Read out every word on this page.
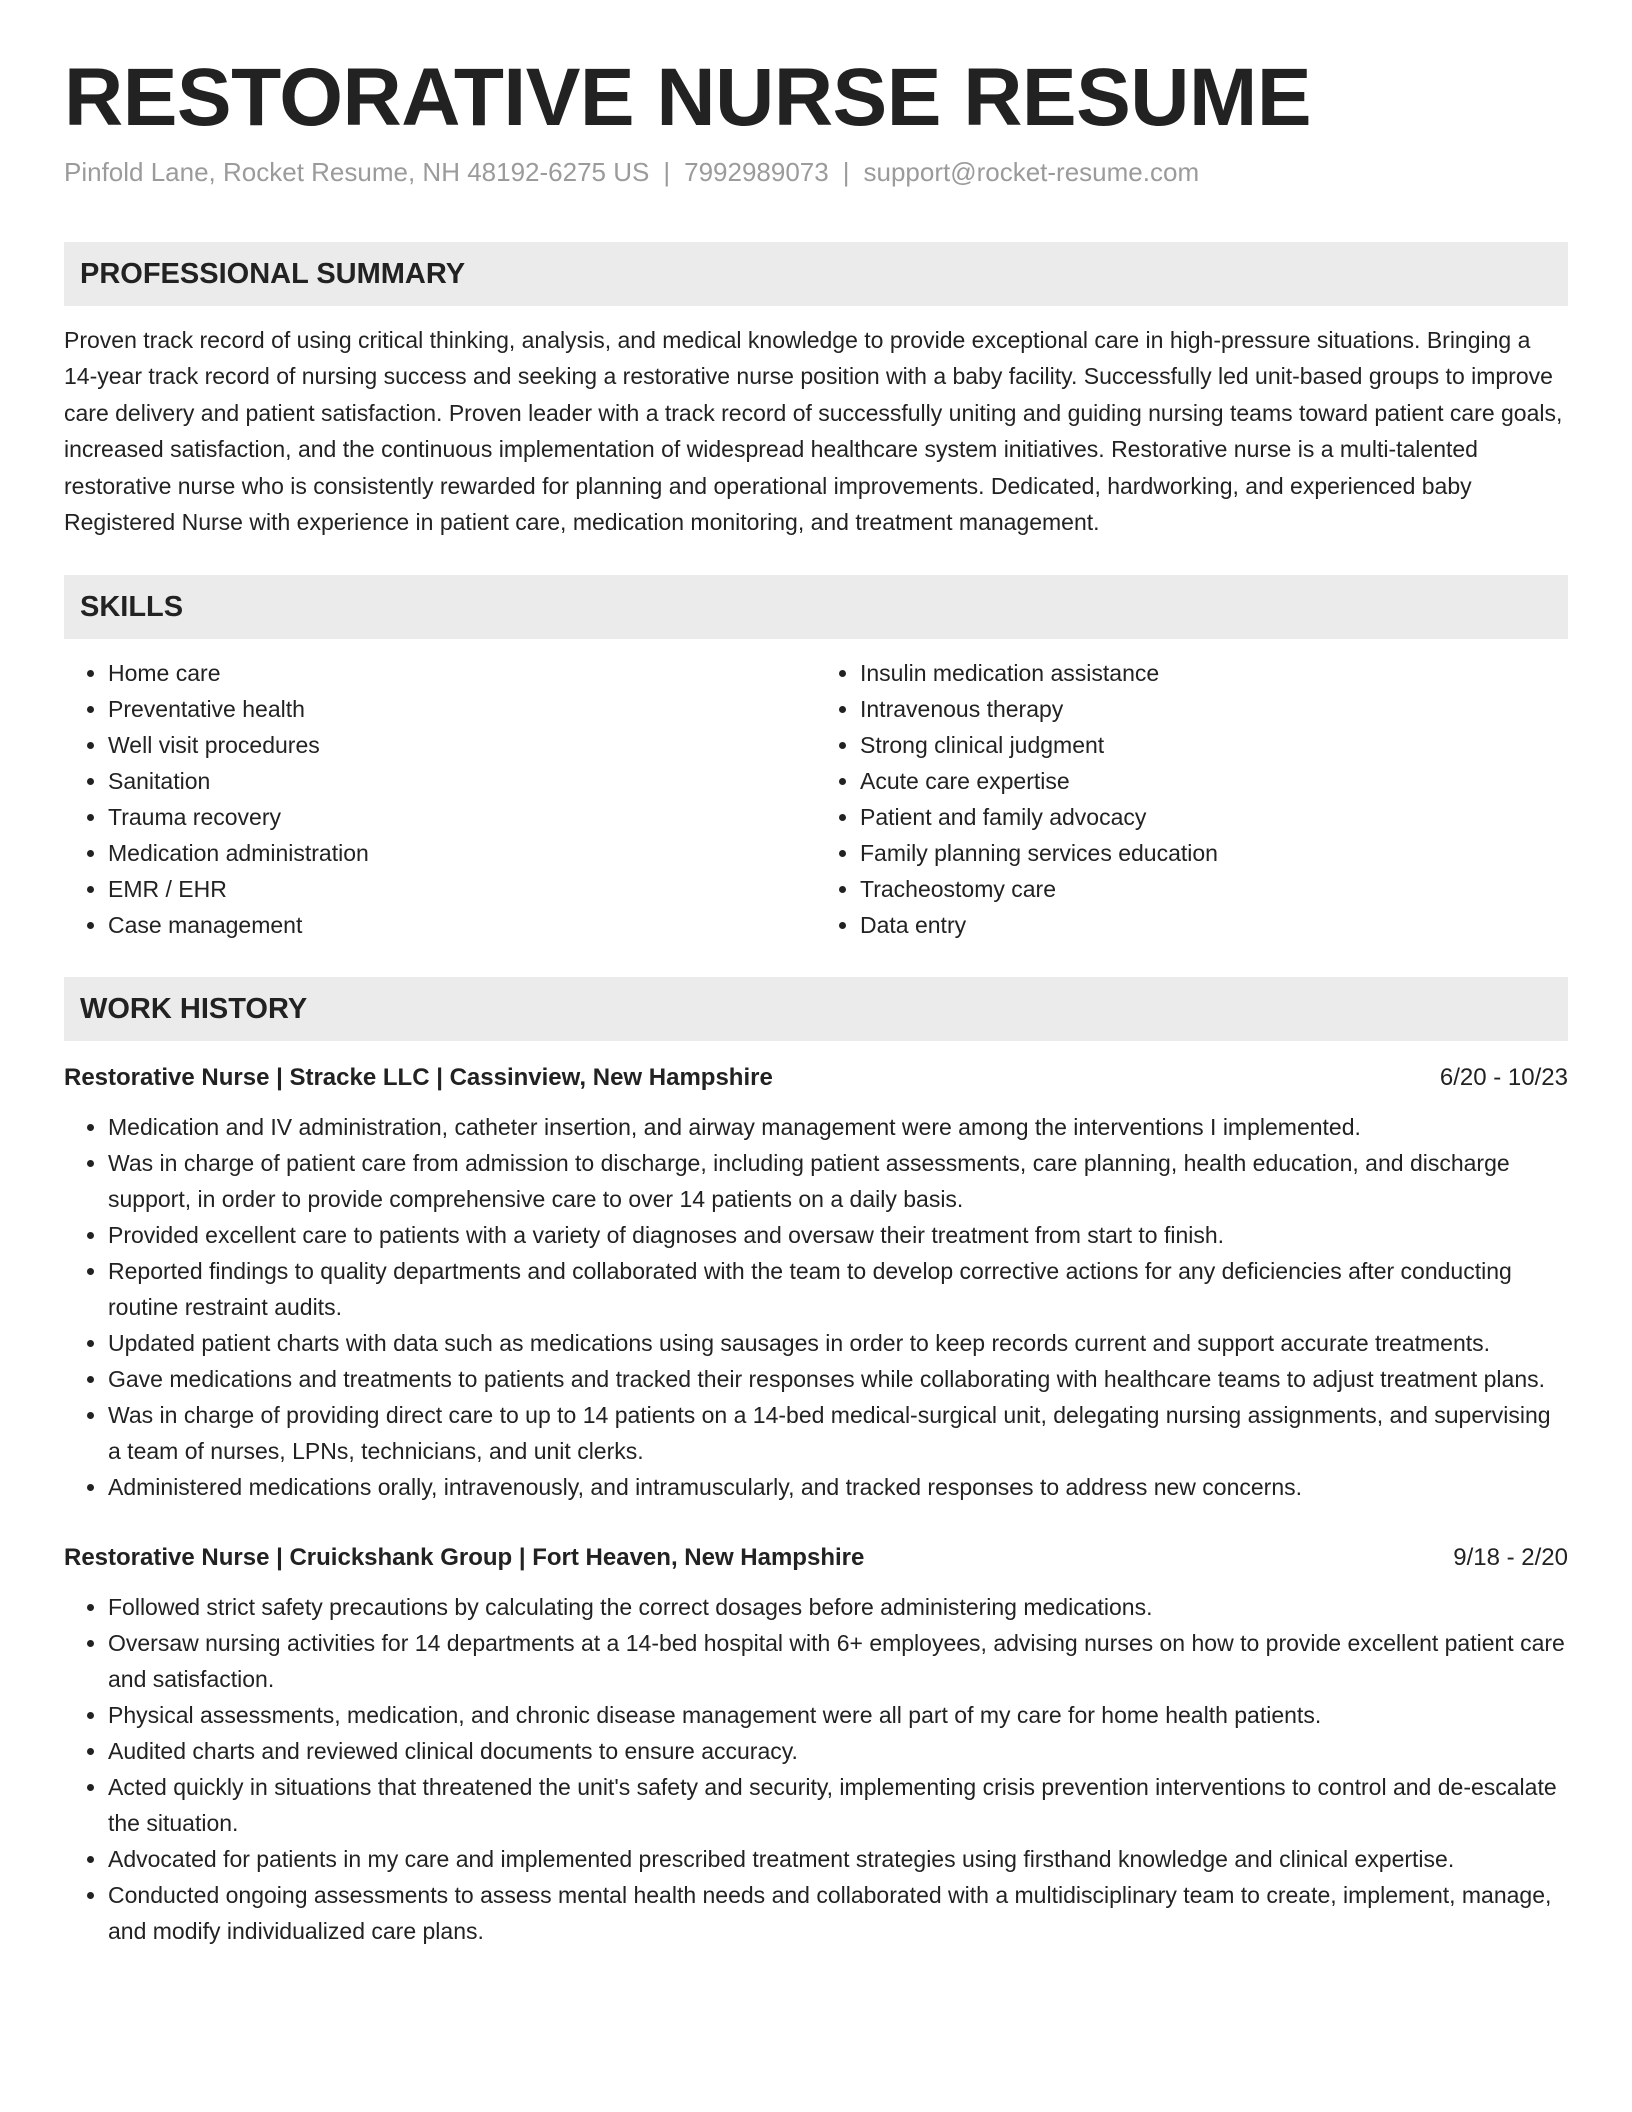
RESTORATIVE NURSE RESUME
Pinfold Lane, Rocket Resume, NH 48192-6275 US | 7992989073 | support@rocket-resume.com
PROFESSIONAL SUMMARY
Proven track record of using critical thinking, analysis, and medical knowledge to provide exceptional care in high-pressure situations. Bringing a 14-year track record of nursing success and seeking a restorative nurse position with a baby facility. Successfully led unit-based groups to improve care delivery and patient satisfaction. Proven leader with a track record of successfully uniting and guiding nursing teams toward patient care goals, increased satisfaction, and the continuous implementation of widespread healthcare system initiatives. Restorative nurse is a multi-talented restorative nurse who is consistently rewarded for planning and operational improvements. Dedicated, hardworking, and experienced baby Registered Nurse with experience in patient care, medication monitoring, and treatment management.
SKILLS
• Home care
• Preventative health
• Well visit procedures
• Sanitation
• Trauma recovery
• Medication administration
• EMR / EHR
• Case management
• Insulin medication assistance
• Intravenous therapy
• Strong clinical judgment
• Acute care expertise
• Patient and family advocacy
• Family planning services education
• Tracheostomy care
• Data entry
WORK HISTORY
Restorative Nurse | Stracke LLC | Cassinview, New Hampshire	6/20 - 10/23
• Medication and IV administration, catheter insertion, and airway management were among the interventions I implemented.
• Was in charge of patient care from admission to discharge, including patient assessments, care planning, health education, and discharge support, in order to provide comprehensive care to over 14 patients on a daily basis.
• Provided excellent care to patients with a variety of diagnoses and oversaw their treatment from start to finish.
• Reported findings to quality departments and collaborated with the team to develop corrective actions for any deficiencies after conducting routine restraint audits.
• Updated patient charts with data such as medications using sausages in order to keep records current and support accurate treatments.
• Gave medications and treatments to patients and tracked their responses while collaborating with healthcare teams to adjust treatment plans.
• Was in charge of providing direct care to up to 14 patients on a 14-bed medical-surgical unit, delegating nursing assignments, and supervising a team of nurses, LPNs, technicians, and unit clerks.
• Administered medications orally, intravenously, and intramuscularly, and tracked responses to address new concerns.
Restorative Nurse | Cruickshank Group | Fort Heaven, New Hampshire	9/18 - 2/20
• Followed strict safety precautions by calculating the correct dosages before administering medications.
• Oversaw nursing activities for 14 departments at a 14-bed hospital with 6+ employees, advising nurses on how to provide excellent patient care and satisfaction.
• Physical assessments, medication, and chronic disease management were all part of my care for home health patients.
• Audited charts and reviewed clinical documents to ensure accuracy.
• Acted quickly in situations that threatened the unit's safety and security, implementing crisis prevention interventions to control and de-escalate the situation.
• Advocated for patients in my care and implemented prescribed treatment strategies using firsthand knowledge and clinical expertise.
• Conducted ongoing assessments to assess mental health needs and collaborated with a multidisciplinary team to create, implement, manage, and modify individualized care plans.
